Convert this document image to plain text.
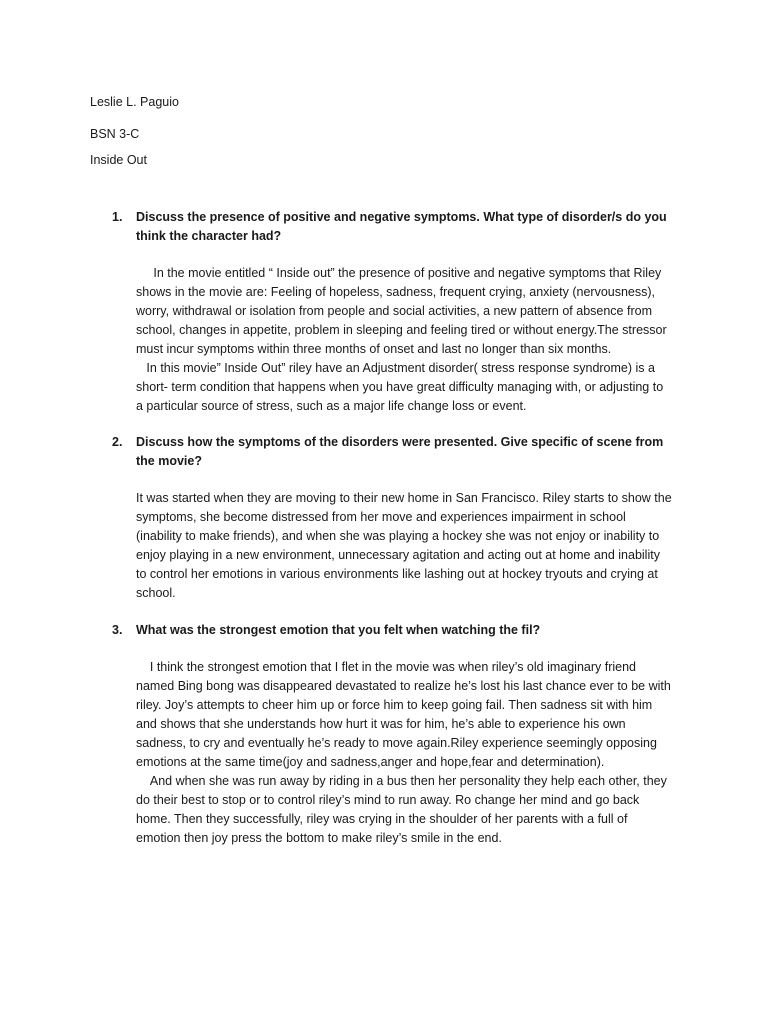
Leslie L. Paguio
BSN 3-C
Inside Out
1. Discuss the presence of positive and negative symptoms. What type of disorder/s do you think the character had?

In the movie entitled “ Inside out” the presence of positive and negative symptoms that Riley shows in the movie are: Feeling of hopeless, sadness, frequent crying, anxiety (nervousness), worry, withdrawal or isolation from people and social activities, a new pattern of absence from school, changes in appetite, problem in sleeping and feeling tired or without energy.The stressor must incur symptoms within three months of onset and last no longer than six months.

In this movie” Inside Out” riley have an Adjustment disorder( stress response syndrome) is a short- term condition that happens when you have great difficulty managing with, or adjusting to a particular source of stress, such as a major life change loss or event.

2. Discuss how the symptoms of the disorders were presented. Give specific of scene from the movie?

It was started when they are moving to their new home in San Francisco. Riley starts to show the symptoms, she become distressed from her move and experiences impairment in school (inability to make friends), and when she was playing a hockey she was not enjoy or inability to enjoy playing in a new environment, unnecessary agitation and acting out at home and inability to control her emotions in various environments like lashing out at hockey tryouts and crying at school.

3. What was the strongest emotion that you felt when watching the fil?

I think the strongest emotion that I flet in the movie was when riley’s old imaginary friend named Bing bong was disappeared devastated to realize he’s lost his last chance ever to be with riley. Joy’s attempts to cheer him up or force him to keep going fail. Then sadness sit with him and shows that she understands how hurt it was for him, he’s able to experience his own sadness, to cry and eventually he’s ready to move again.Riley experience seemingly opposing emotions at the same time(joy and sadness,anger and hope,fear and determination).

And when she was run away by riding in a bus then her personality they help each other, they do their best to stop or to control riley’s mind to run away. Ro change her mind and go back home. Then they successfully, riley was crying in the shoulder of her parents with a full of emotion then joy press the bottom to make riley’s smile in the end.
